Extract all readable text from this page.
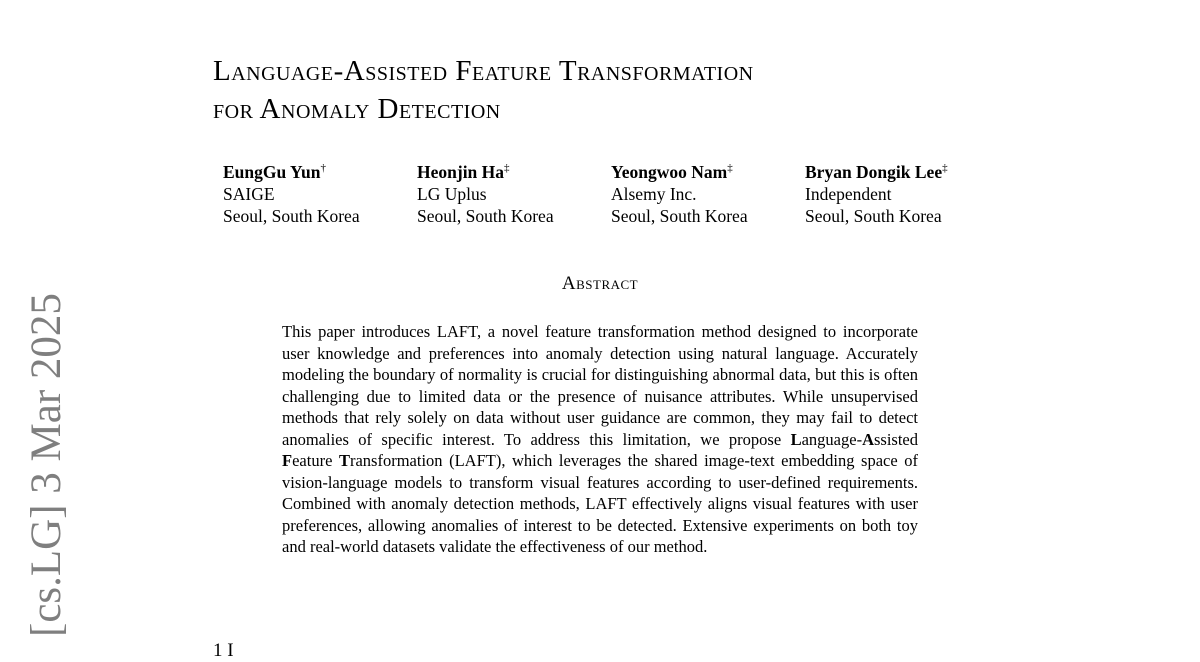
Language-Assisted Feature Transformation
for Anomaly Detection
EungGu Yun†
SAIGE
Seoul, South Korea
Heonjin Ha‡
LG Uplus
Seoul, South Korea
Yeongwoo Nam‡
Alsemy Inc.
Seoul, South Korea
Bryan Dongik Lee‡
Independent
Seoul, South Korea
Abstract

This paper introduces LAFT, a novel feature transformation method designed to incorporate user knowledge and preferences into anomaly detection using natural language. Accurately modeling the boundary of normality is crucial for distinguishing abnormal data, but this is often challenging due to limited data or the presence of nuisance attributes. While unsupervised methods that rely solely on data without user guidance are common, they may fail to detect anomalies of specific interest. To address this limitation, we propose Language-Assisted Feature Transformation (LAFT), which leverages the shared image-text embedding space of vision-language models to transform visual features according to user-defined requirements. Combined with anomaly detection methods, LAFT effectively aligns visual features with user preferences, allowing anomalies of interest to be detected. Extensive experiments on both toy and real-world datasets validate the effectiveness of our method.

[cs.LG] 3 Mar 2025
1 I
